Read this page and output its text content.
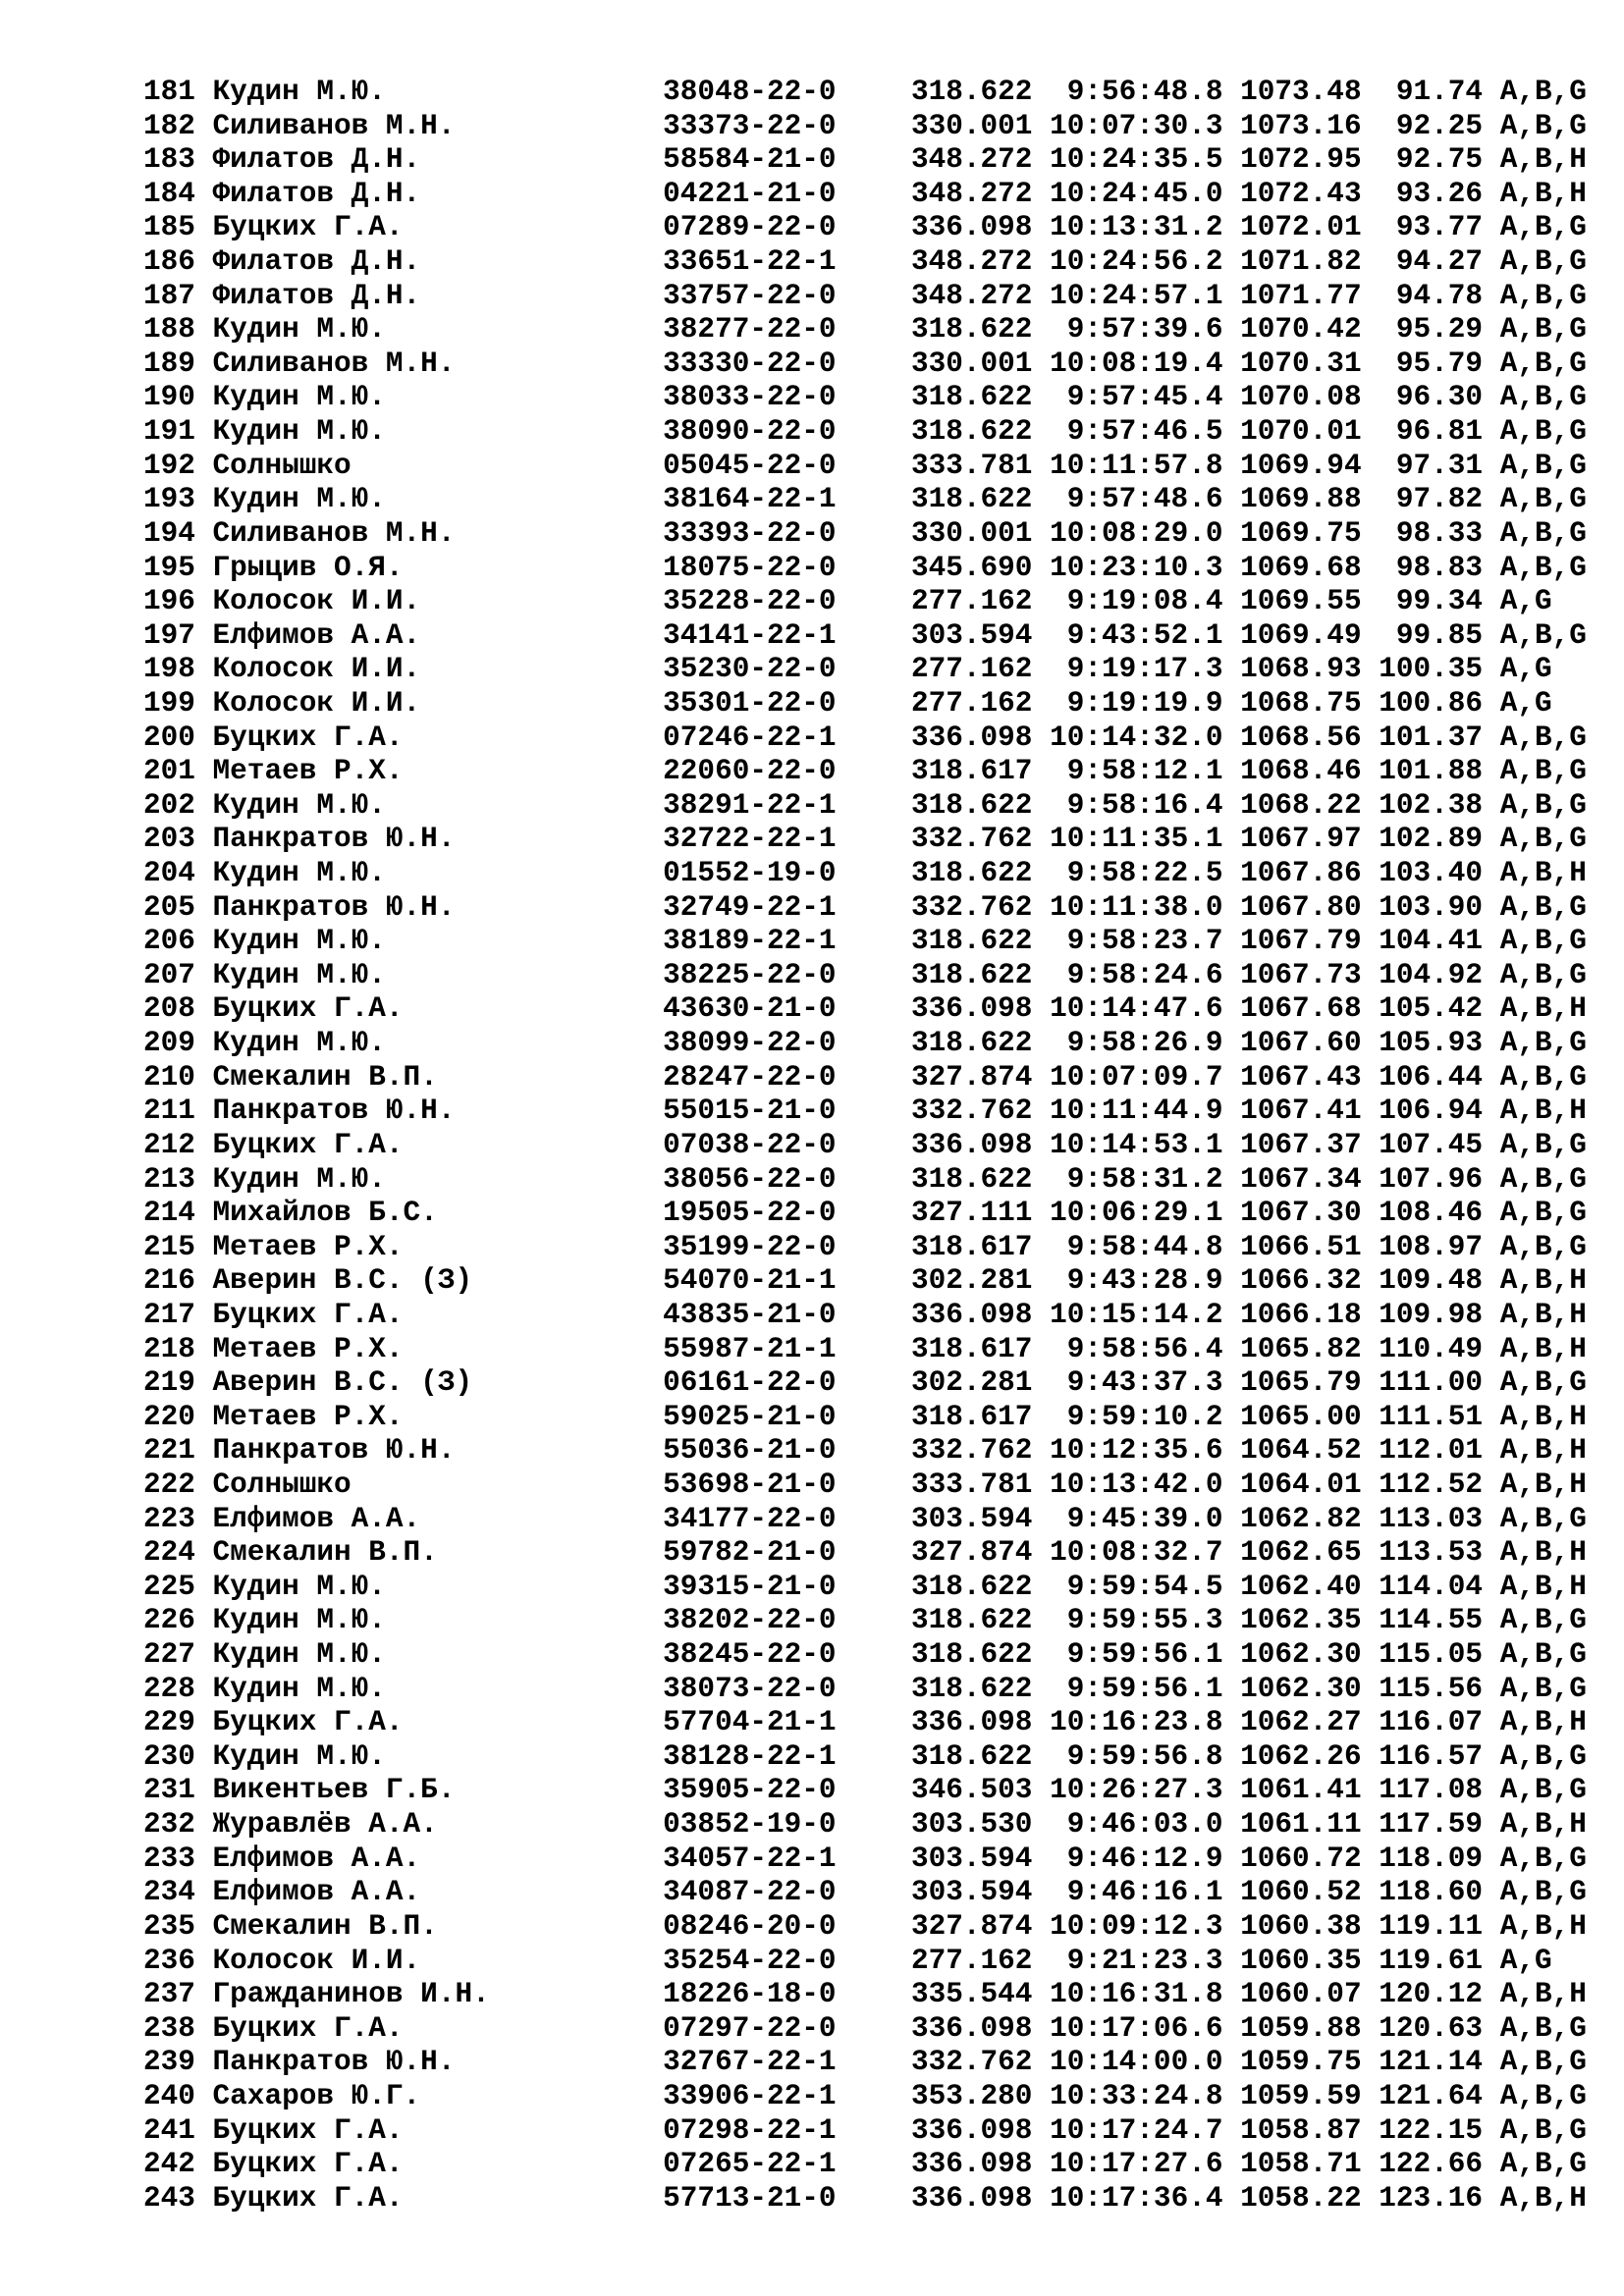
181 Кудин М.Ю.	38048-22-0	318.622 9:56:48.8 1073.48 91.74 A,B,G
182 Силиванов М.Н.	33373-22-0	330.001 10:07:30.3 1073.16 92.25 A,B,G
183 Филатов Д.Н.	58584-21-0	348.272 10:24:35.5 1072.95 92.75 A,B,H
184 Филатов Д.Н.	04221-21-0	348.272 10:24:45.0 1072.43 93.26 A,B,H
185 Буцких Г.А.	07289-22-0	336.098 10:13:31.2 1072.01 93.77 A,B,G
186 Филатов Д.Н.	33651-22-1	348.272 10:24:56.2 1071.82 94.27 A,B,G
187 Филатов Д.Н.	33757-22-0	348.272 10:24:57.1 1071.77 94.78 A,B,G
188 Кудин М.Ю.	38277-22-0	318.622 9:57:39.6 1070.42 95.29 A,B,G
189 Силиванов М.Н.	33330-22-0	330.001 10:08:19.4 1070.31 95.79 A,B,G
190 Кудин М.Ю.	38033-22-0	318.622 9:57:45.4 1070.08 96.30 A,B,G
191 Кудин М.Ю.	38090-22-0	318.622 9:57:46.5 1070.01 96.81 A,B,G
192 Солнышко	05045-22-0	333.781 10:11:57.8 1069.94 97.31 A,B,G
193 Кудин М.Ю.	38164-22-1	318.622 9:57:48.6 1069.88 97.82 A,B,G
194 Силиванов М.Н.	33393-22-0	330.001 10:08:29.0 1069.75 98.33 A,B,G
195 Грыцив О.Я.	18075-22-0	345.690 10:23:10.3 1069.68 98.83 A,B,G
196 Колосок И.И.	35228-22-0	277.162 9:19:08.4 1069.55 99.34 A,G
197 Елфимов А.А.	34141-22-1	303.594 9:43:52.1 1069.49 99.85 A,B,G
198 Колосок И.И.	35230-22-0	277.162 9:19:17.3 1068.93 100.35 A,G
199 Колосок И.И.	35301-22-0	277.162 9:19:19.9 1068.75 100.86 A,G
200 Буцких Г.А.	07246-22-1	336.098 10:14:32.0 1068.56 101.37 A,B,G
201 Метаев Р.Х.	22060-22-0	318.617 9:58:12.1 1068.46 101.88 A,B,G
202 Кудин М.Ю.	38291-22-1	318.622 9:58:16.4 1068.22 102.38 A,B,G
203 Панкратов Ю.Н.	32722-22-1	332.762 10:11:35.1 1067.97 102.89 A,B,G
204 Кудин М.Ю.	01552-19-0	318.622 9:58:22.5 1067.86 103.40 A,B,H
205 Панкратов Ю.Н.	32749-22-1	332.762 10:11:38.0 1067.80 103.90 A,B,G
206 Кудин М.Ю.	38189-22-1	318.622 9:58:23.7 1067.79 104.41 A,B,G
207 Кудин М.Ю.	38225-22-0	318.622 9:58:24.6 1067.73 104.92 A,B,G
208 Буцких Г.А.	43630-21-0	336.098 10:14:47.6 1067.68 105.42 A,B,H
209 Кудин М.Ю.	38099-22-0	318.622 9:58:26.9 1067.60 105.93 A,B,G
210 Смекалин В.П.	28247-22-0	327.874 10:07:09.7 1067.43 106.44 A,B,G
211 Панкратов Ю.Н.	55015-21-0	332.762 10:11:44.9 1067.41 106.94 A,B,H
212 Буцких Г.А.	07038-22-0	336.098 10:14:53.1 1067.37 107.45 A,B,G
213 Кудин М.Ю.	38056-22-0	318.622 9:58:31.2 1067.34 107.96 A,B,G
214 Михайлов Б.С.	19505-22-0	327.111 10:06:29.1 1067.30 108.46 A,B,G
215 Метаев Р.Х.	35199-22-0	318.617 9:58:44.8 1066.51 108.97 A,B,G
216 Аверин В.С. (З)	54070-21-1	302.281 9:43:28.9 1066.32 109.48 A,B,H
217 Буцких Г.А.	43835-21-0	336.098 10:15:14.2 1066.18 109.98 A,B,H
218 Метаев Р.Х.	55987-21-1	318.617 9:58:56.4 1065.82 110.49 A,B,H
219 Аверин В.С. (З)	06161-22-0	302.281 9:43:37.3 1065.79 111.00 A,B,G
220 Метаев Р.Х.	59025-21-0	318.617 9:59:10.2 1065.00 111.51 A,B,H
221 Панкратов Ю.Н.	55036-21-0	332.762 10:12:35.6 1064.52 112.01 A,B,H
222 Солнышко	53698-21-0	333.781 10:13:42.0 1064.01 112.52 A,B,H
223 Елфимов А.А.	34177-22-0	303.594 9:45:39.0 1062.82 113.03 A,B,G
224 Смекалин В.П.	59782-21-0	327.874 10:08:32.7 1062.65 113.53 A,B,H
225 Кудин М.Ю.	39315-21-0	318.622 9:59:54.5 1062.40 114.04 A,B,H
226 Кудин М.Ю.	38202-22-0	318.622 9:59:55.3 1062.35 114.55 A,B,G
227 Кудин М.Ю.	38245-22-0	318.622 9:59:56.1 1062.30 115.05 A,B,G
228 Кудин М.Ю.	38073-22-0	318.622 9:59:56.1 1062.30 115.56 A,B,G
229 Буцких Г.А.	57704-21-1	336.098 10:16:23.8 1062.27 116.07 A,B,H
230 Кудин М.Ю.	38128-22-1	318.622 9:59:56.8 1062.26 116.57 A,B,G
231 Викентьев Г.Б.	35905-22-0	346.503 10:26:27.3 1061.41 117.08 A,B,G
232 Журавлёв А.А.	03852-19-0	303.530 9:46:03.0 1061.11 117.59 A,B,H
233 Елфимов А.А.	34057-22-1	303.594 9:46:12.9 1060.72 118.09 A,B,G
234 Елфимов А.А.	34087-22-0	303.594 9:46:16.1 1060.52 118.60 A,B,G
235 Смекалин В.П.	08246-20-0	327.874 10:09:12.3 1060.38 119.11 A,B,H
236 Колосок И.И.	35254-22-0	277.162 9:21:23.3 1060.35 119.61 A,G
237 Гражданинов И.Н.	18226-18-0	335.544 10:16:31.8 1060.07 120.12 A,B,H
238 Буцких Г.А.	07297-22-0	336.098 10:17:06.6 1059.88 120.63 A,B,G
239 Панкратов Ю.Н.	32767-22-1	332.762 10:14:00.0 1059.75 121.14 A,B,G
240 Сахаров Ю.Г.	33906-22-1	353.280 10:33:24.8 1059.59 121.64 A,B,G
241 Буцких Г.А.	07298-22-1	336.098 10:17:24.7 1058.87 122.15 A,B,G
242 Буцких Г.А.	07265-22-1	336.098 10:17:27.6 1058.71 122.66 A,B,G
243 Буцких Г.А.	57713-21-0	336.098 10:17:36.4 1058.22 123.16 A,B,H
